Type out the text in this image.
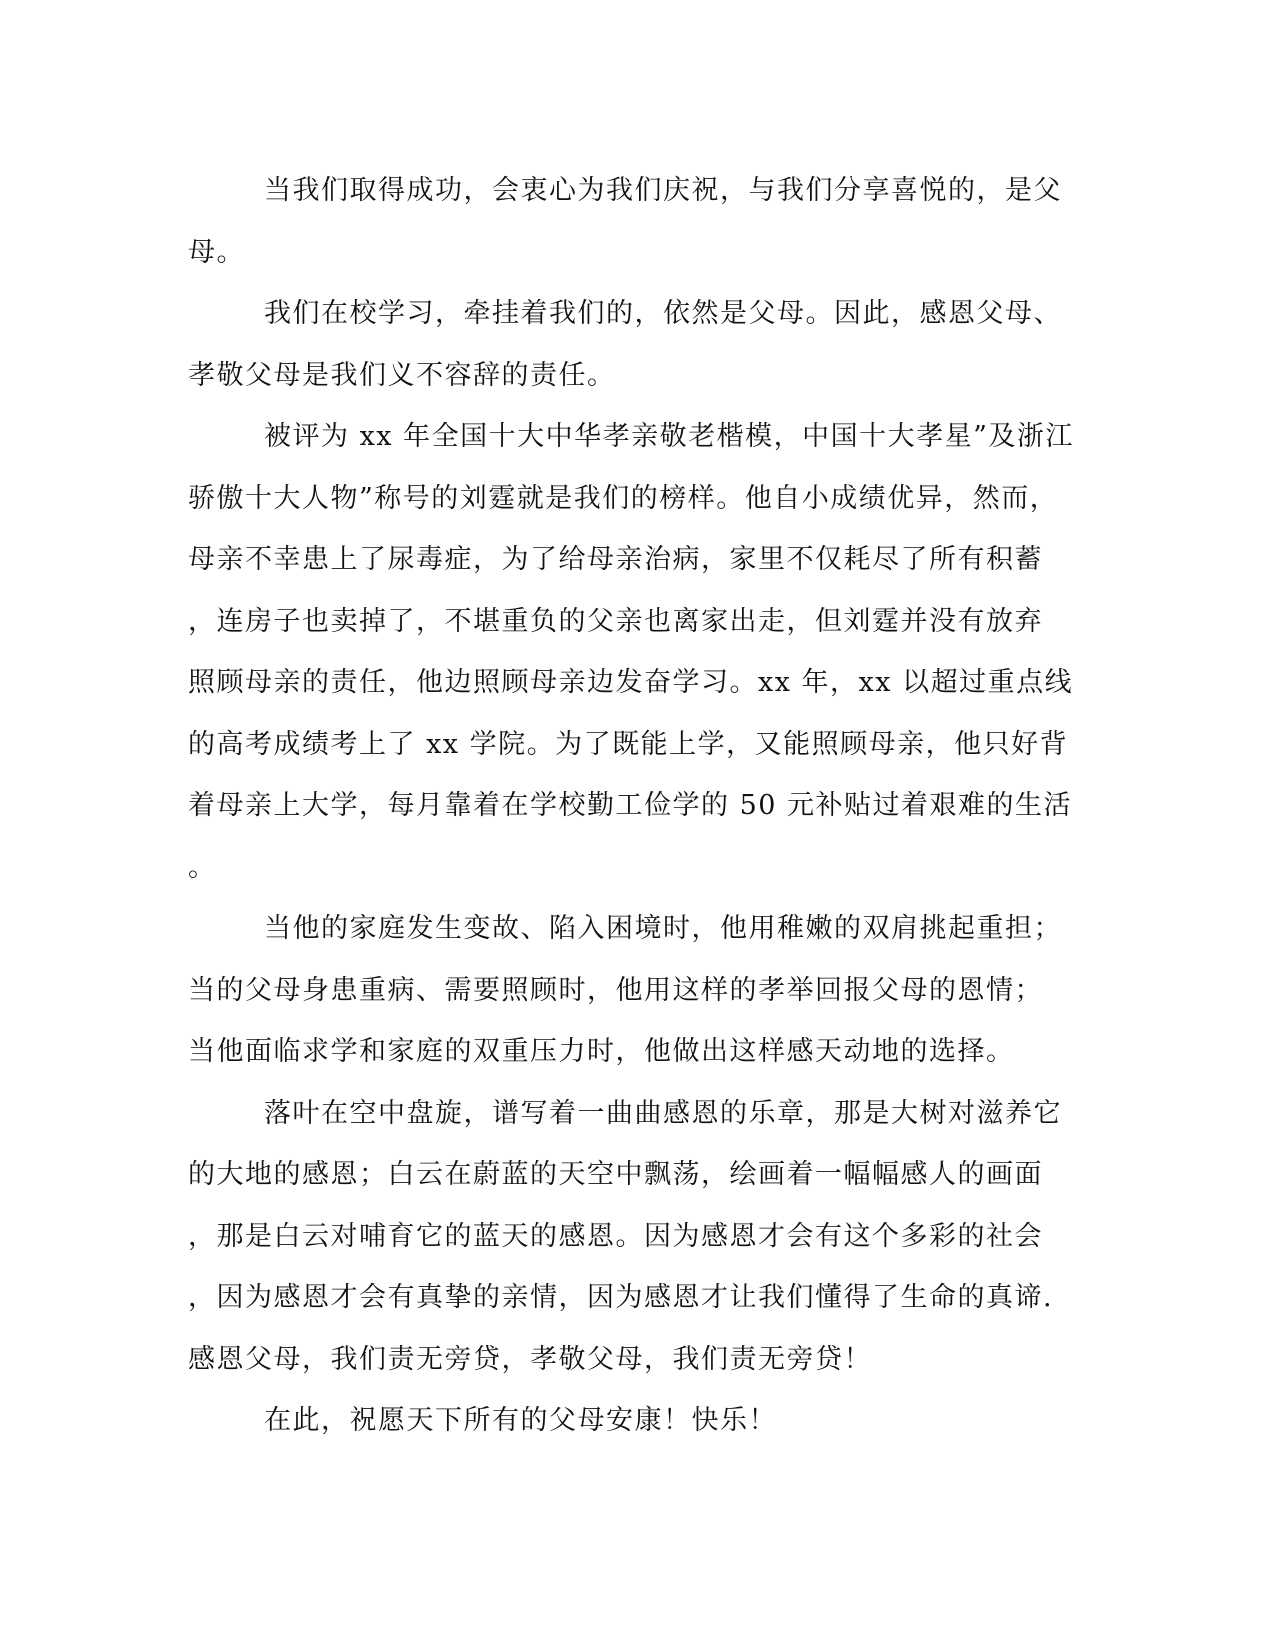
当我们取得成功，会衷心为我们庆祝，与我们分享喜悦的，是父
母。
我们在校学习，牵挂着我们的，依然是父母。因此，感恩父母、
孝敬父母是我们义不容辞的责任。
被评为 xx 年全国十大中华孝亲敬老楷模，中国十大孝星”及浙江
骄傲十大人物”称号的刘霆就是我们的榜样。他自小成绩优异，然而，
母亲不幸患上了尿毒症，为了给母亲治病，家里不仅耗尽了所有积蓄
，连房子也卖掉了，不堪重负的父亲也离家出走，但刘霆并没有放弃
照顾母亲的责任，他边照顾母亲边发奋学习。xx 年，xx 以超过重点线
的高考成绩考上了 xx 学院。为了既能上学，又能照顾母亲，他只好背
着母亲上大学，每月靠着在学校勤工俭学的 50 元补贴过着艰难的生活
。
当他的家庭发生变故、陷入困境时，他用稚嫩的双肩挑起重担；
当的父母身患重病、需要照顾时，他用这样的孝举回报父母的恩情；
当他面临求学和家庭的双重压力时，他做出这样感天动地的选择。
落叶在空中盘旋，谱写着一曲曲感恩的乐章，那是大树对滋养它
的大地的感恩；白云在蔚蓝的天空中飘荡，绘画着一幅幅感人的画面
，那是白云对哺育它的蓝天的感恩。因为感恩才会有这个多彩的社会
，因为感恩才会有真挚的亲情，因为感恩才让我们懂得了生命的真谛.
感恩父母，我们责无旁贷，孝敬父母，我们责无旁贷！
在此，祝愿天下所有的父母安康！快乐！
